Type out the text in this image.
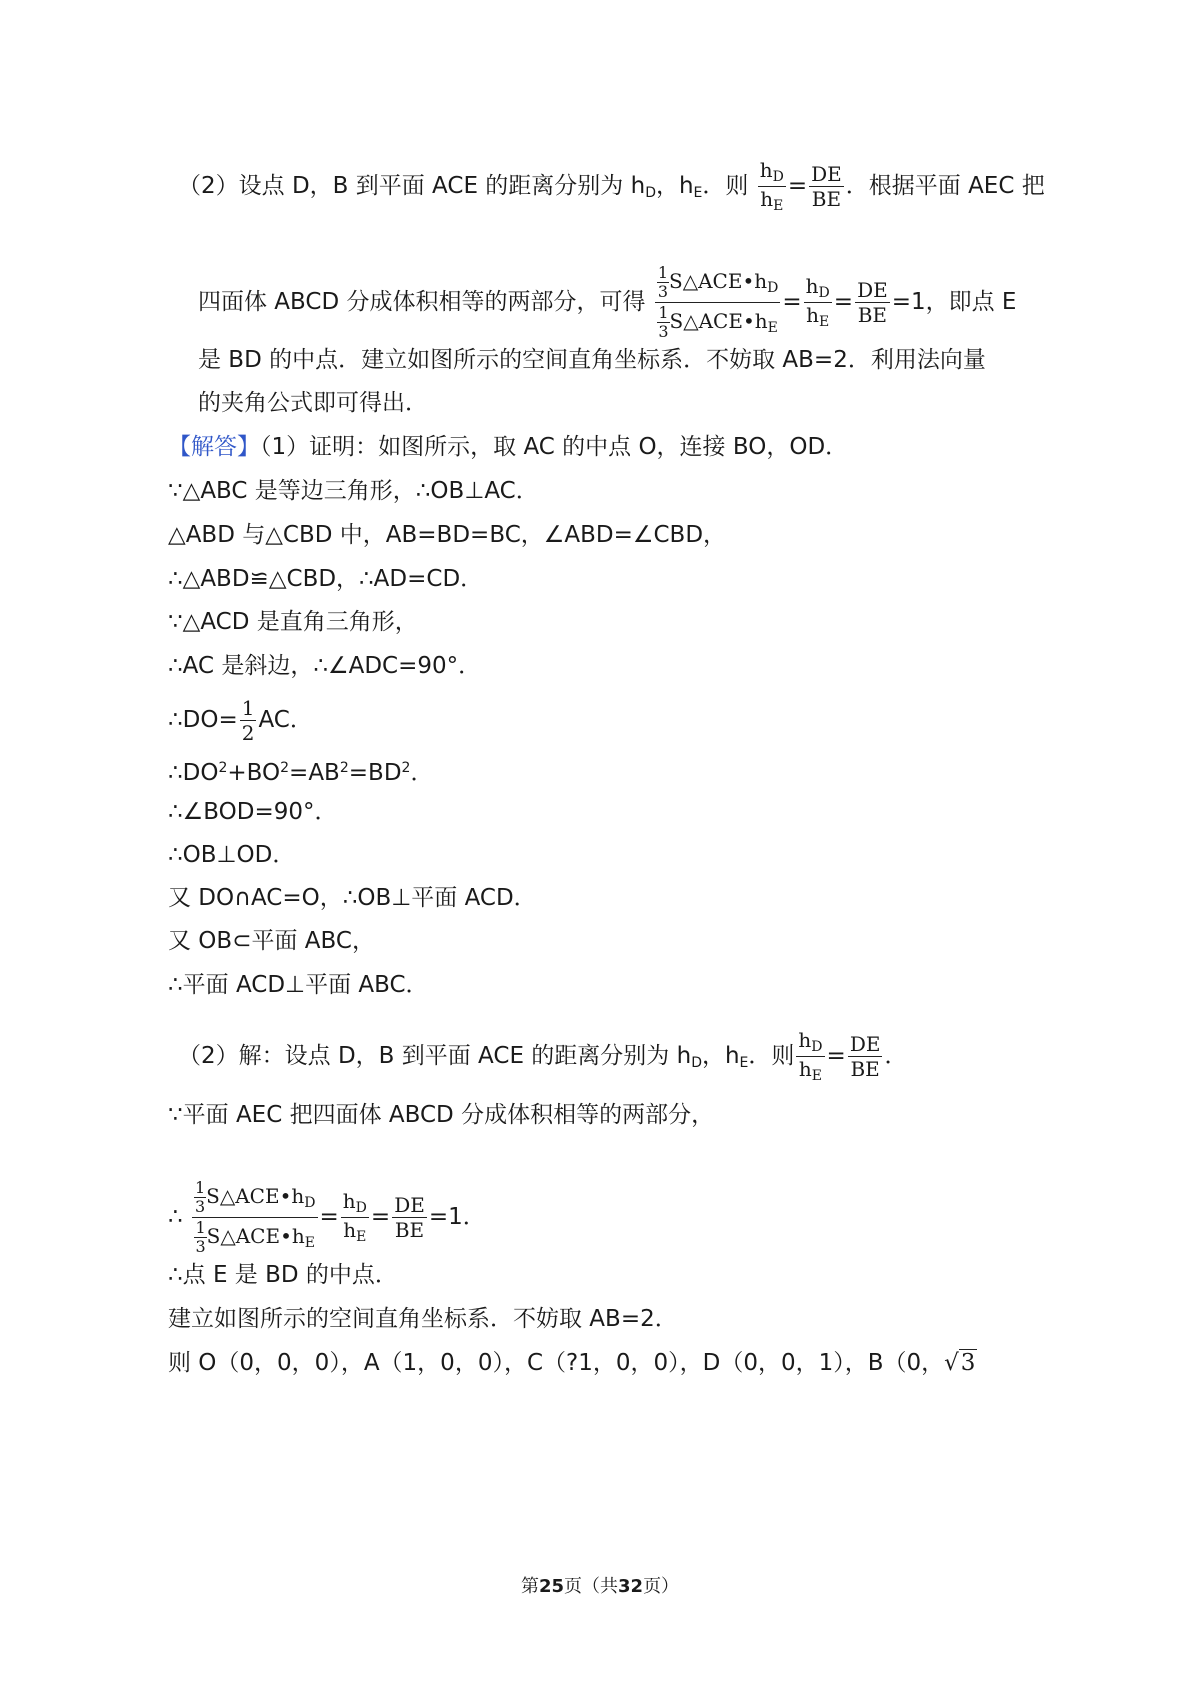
（2）设点 D，B 到平面 ACE 的距离分别为 $h_D$，$h_E$．则 $\frac{h_D}{h_E} = \frac{DE}{BE}$ ．根据平面 AEC 把
四面体 ABCD 分成体积相等的两部分，可得 $\frac{\frac{1}{3} S\triangle ACE•h_D}{\frac{1}{3} S\triangle ACE•h_E} = \frac{h_D}{h_E} = \frac{DE}{BE} =1$，即点 E
是 BD 的中点．建立如图所示的空间直角坐标系．不妨取 AB=2．利用法向量
的夹角公式即可得出．
【解答】（1）证明：如图所示，取 AC 的中点 O，连接 BO，OD．
∵△ABC 是等边三角形，∴OB⊥AC．
△ABD 与△CBD 中，AB=BD=BC，∠ABD=∠CBD，
∴△ABD≌△CBD，∴AD=CD．
∵△ACD 是直角三角形，
∴AC 是斜边，∴∠ADC=90°．
∴DO= $\frac{1}{2}$ AC．
$\therefore DO^2+BO^2=AB^2=BD^2$．
∴∠BOD=90°．
∴OB⊥OD．
又 DO∩AC=O，∴OB⊥平面 ACD．
又 OB⊂平面 ABC，
∴平面 ACD⊥平面 ABC．
（2）解：设点 D，B 到平面 ACE 的距离分别为 $h_D$，$h_E$．则 $\frac{h_D}{h_E} = \frac{DE}{BE}$ ．
∵平面 AEC 把四面体 ABCD 分成体积相等的两部分，
∴ $\frac{\frac{1}{3} S\triangle ACE•h_D}{\frac{1}{3} S\triangle ACE•h_E} = \frac{h_D}{h_E} = \frac{DE}{BE} =1$．
∴点 E 是 BD 的中点．
建立如图所示的空间直角坐标系．不妨取 AB=2．
则 O（0，0，0），A（1，0，0），C（?1，0，0），D（0，0，1），B（0，√3
第25页（共32页）
